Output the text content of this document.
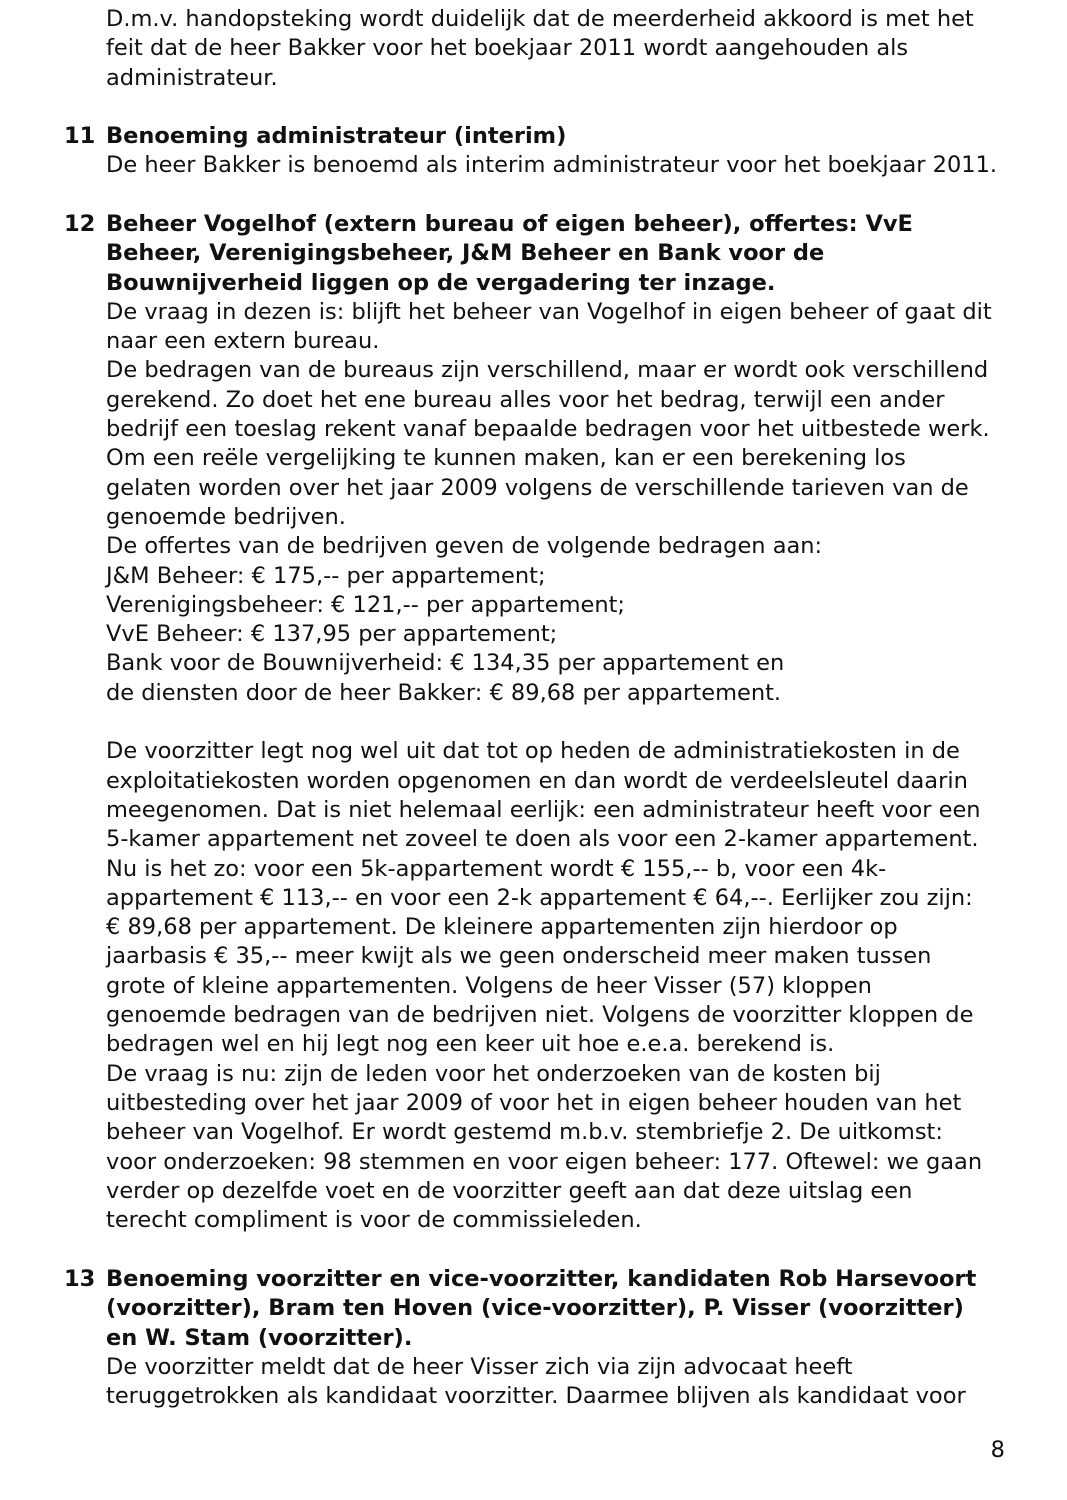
D.m.v. handopsteking wordt duidelijk dat de meerderheid akkoord is met het

feit dat de heer Bakker voor het boekjaar 2011 wordt aangehouden als

administrateur.

11 Benoeming administrateur (interim)

De heer Bakker is benoemd als interim administrateur voor het boekjaar 2011.

12 Beheer Vogelhof (extern bureau of eigen beheer), offertes: VvE

Beheer, Verenigingsbeheer, J&M Beheer en Bank voor de

Bouwnijverheid liggen op de vergadering ter inzage.

De vraag in dezen is: blijft het beheer van Vogelhof in eigen beheer of gaat dit

naar een extern bureau.

De bedragen van de bureaus zijn verschillend, maar er wordt ook verschillend

gerekend. Zo doet het ene bureau alles voor het bedrag, terwijl een ander

bedrijf een toeslag rekent vanaf bepaalde bedragen voor het uitbestede werk.

Om een reële vergelijking te kunnen maken, kan er een berekening los

gelaten worden over het jaar 2009 volgens de verschillende tarieven van de

genoemde bedrijven.

De offertes van de bedrijven geven de volgende bedragen aan:

J&M Beheer: € 175,-- per appartement;

Verenigingsbeheer: € 121,-- per appartement;

VvE Beheer: € 137,95 per appartement;

Bank voor de Bouwnijverheid: € 134,35 per appartement en

de diensten door de heer Bakker: € 89,68 per appartement.

De voorzitter legt nog wel uit dat tot op heden de administratiekosten in de

exploitatiekosten worden opgenomen en dan wordt de verdeelsleutel daarin

meegenomen. Dat is niet helemaal eerlijk: een administrateur heeft voor een

5-kamer appartement net zoveel te doen als voor een 2-kamer appartement.

Nu is het zo: voor een 5k-appartement wordt € 155,-- b, voor een 4k-

appartement € 113,-- en voor een 2-k appartement € 64,--. Eerlijker zou zijn:

€ 89,68 per appartement. De kleinere appartementen zijn hierdoor op

jaarbasis € 35,-- meer kwijt als we geen onderscheid meer maken tussen

grote of kleine appartementen. Volgens de heer Visser (57) kloppen

genoemde bedragen van de bedrijven niet. Volgens de voorzitter kloppen de

bedragen wel en hij legt nog een keer uit hoe e.e.a. berekend is.

De vraag is nu: zijn de leden voor het onderzoeken van de kosten bij

uitbesteding over het jaar 2009 of voor het in eigen beheer houden van het

beheer van Vogelhof. Er wordt gestemd m.b.v. stembriefje 2. De uitkomst:

voor onderzoeken: 98 stemmen en voor eigen beheer: 177. Oftewel: we gaan

verder op dezelfde voet en de voorzitter geeft aan dat deze uitslag een

terecht compliment is voor de commissieleden.

13 Benoeming voorzitter en vice-voorzitter, kandidaten Rob Harsevoort

(voorzitter), Bram ten Hoven (vice-voorzitter), P. Visser (voorzitter)

en W. Stam (voorzitter).

De voorzitter meldt dat de heer Visser zich via zijn advocaat heeft

teruggetrokken als kandidaat voorzitter. Daarmee blijven als kandidaat voor

8
